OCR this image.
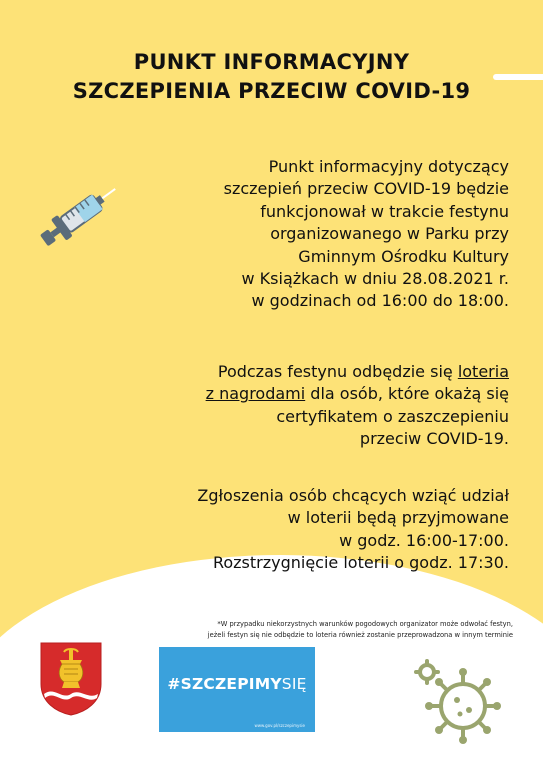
PUNKT INFORMACYJNY
SZCZEPIENIA PRZECIW COVID-19

Punkt informacyjny dotyczący
szczepień przeciw COVID-19 będzie
funkcjonował w trakcie festynu
organizowanego w Parku przy
Gminnym Ośrodku Kultury
w Książkach w dniu 28.08.2021 r.
w godzinach od 16:00 do 18:00.

Podczas festynu odbędzie się loteria
z nagrodami dla osób, które okażą się
certyfikatem o zaszczepieniu
przeciw COVID-19.

Zgłoszenia osób chcących wziąć udział
w loterii będą przyjmowane
w godz. 16:00-17:00.
Rozstrzygnięcie loterii o godz. 17:30.

*W przypadku niekorzystnych warunków pogodowych organizator może odwołać festyn,
jeżeli festyn się nie odbędzie to loteria również zostanie przeprowadzona w innym terminie

#SZCZEPIMYSIĘ
www.gov.pl/szczepimysie
